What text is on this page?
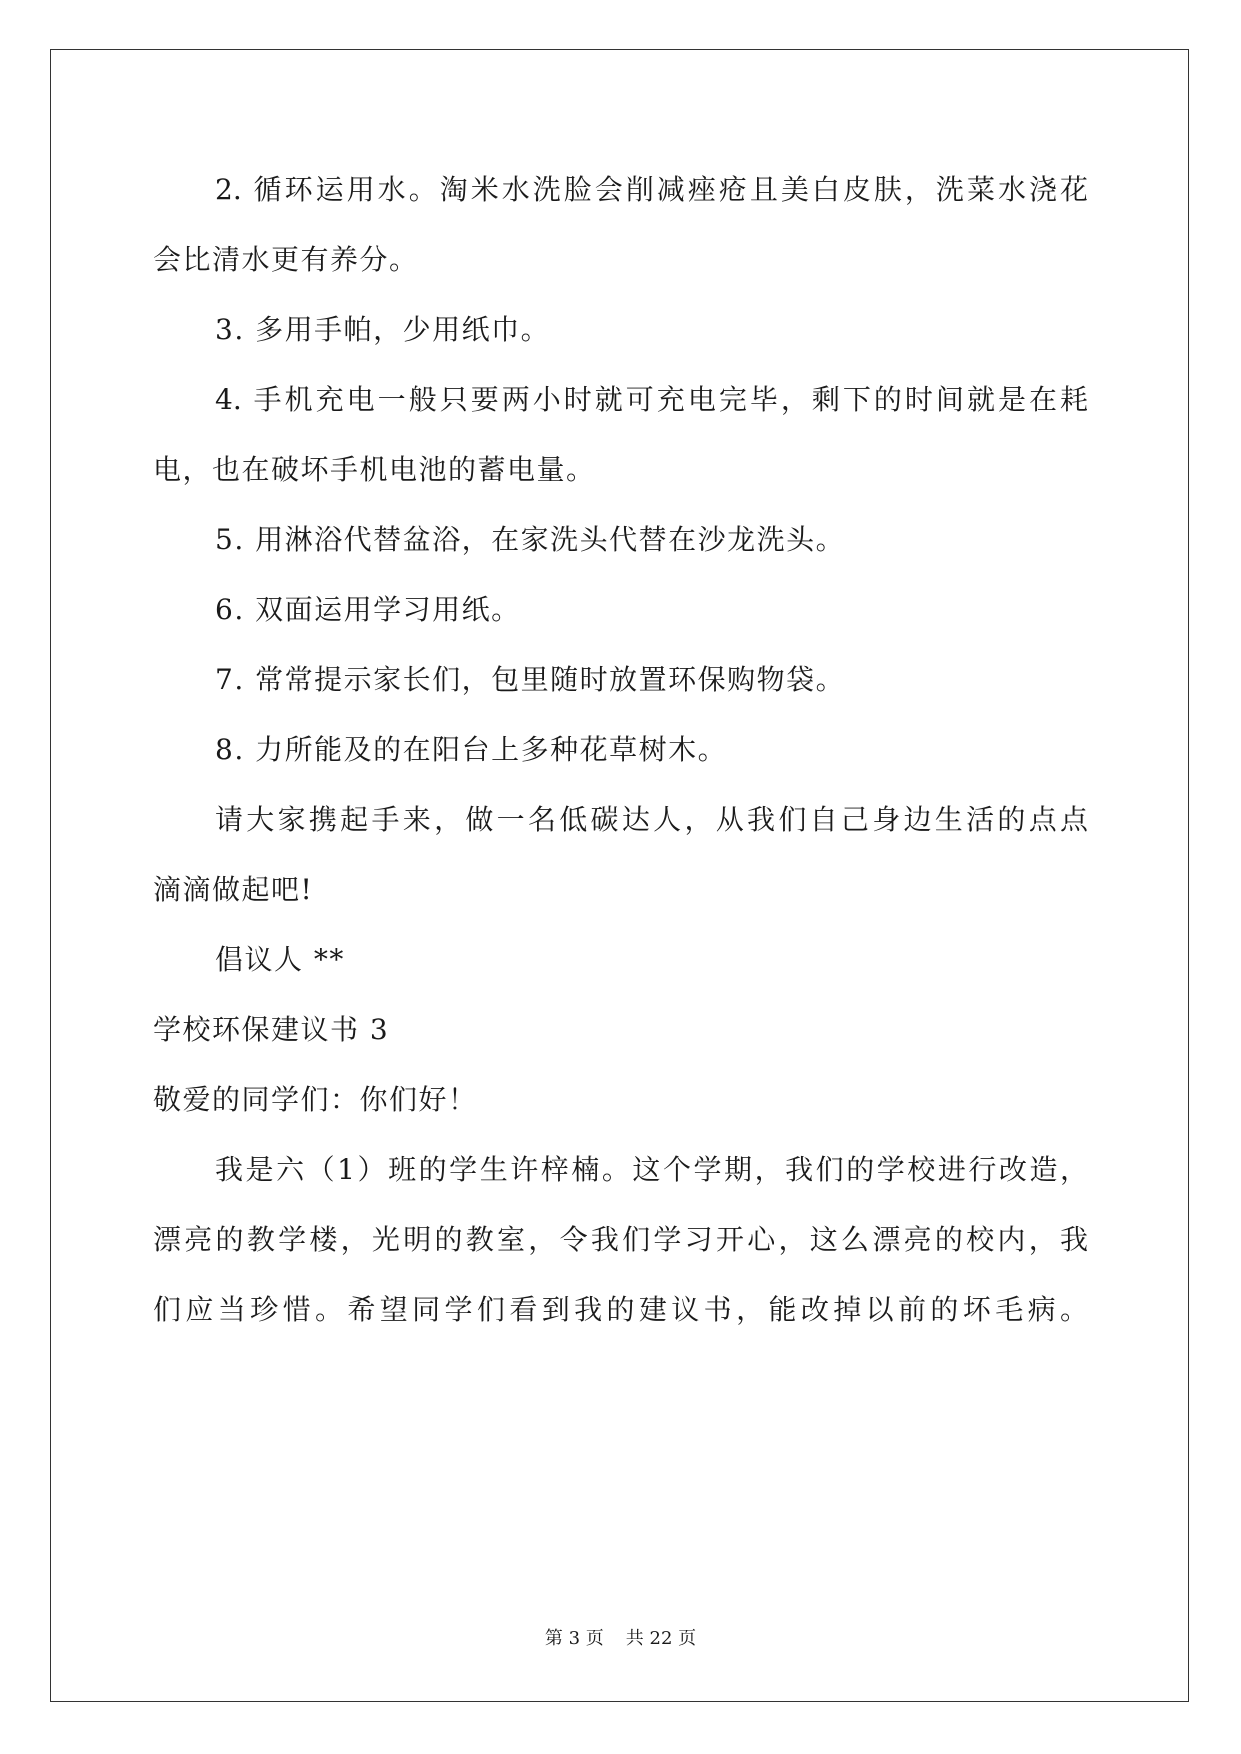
2. 循环运用水。淘米水洗脸会削减痤疮且美白皮肤，洗菜水浇花
会比清水更有养分。
3. 多用手帕，少用纸巾。
4. 手机充电一般只要两小时就可充电完毕，剩下的时间就是在耗
电，也在破坏手机电池的蓄电量。
5. 用淋浴代替盆浴，在家洗头代替在沙龙洗头。
6. 双面运用学习用纸。
7. 常常提示家长们，包里随时放置环保购物袋。
8. 力所能及的在阳台上多种花草树木。
请大家携起手来，做一名低碳达人，从我们自己身边生活的点点
滴滴做起吧!
倡议人 **
学校环保建议书 3
敬爱的同学们：你们好！
我是六（1）班的学生许梓楠。这个学期，我们的学校进行改造，
漂亮的教学楼，光明的教室，令我们学习开心，这么漂亮的校内，我
们应当珍惜。希望同学们看到我的建议书，能改掉以前的坏毛病。
第 3 页 共 22 页
